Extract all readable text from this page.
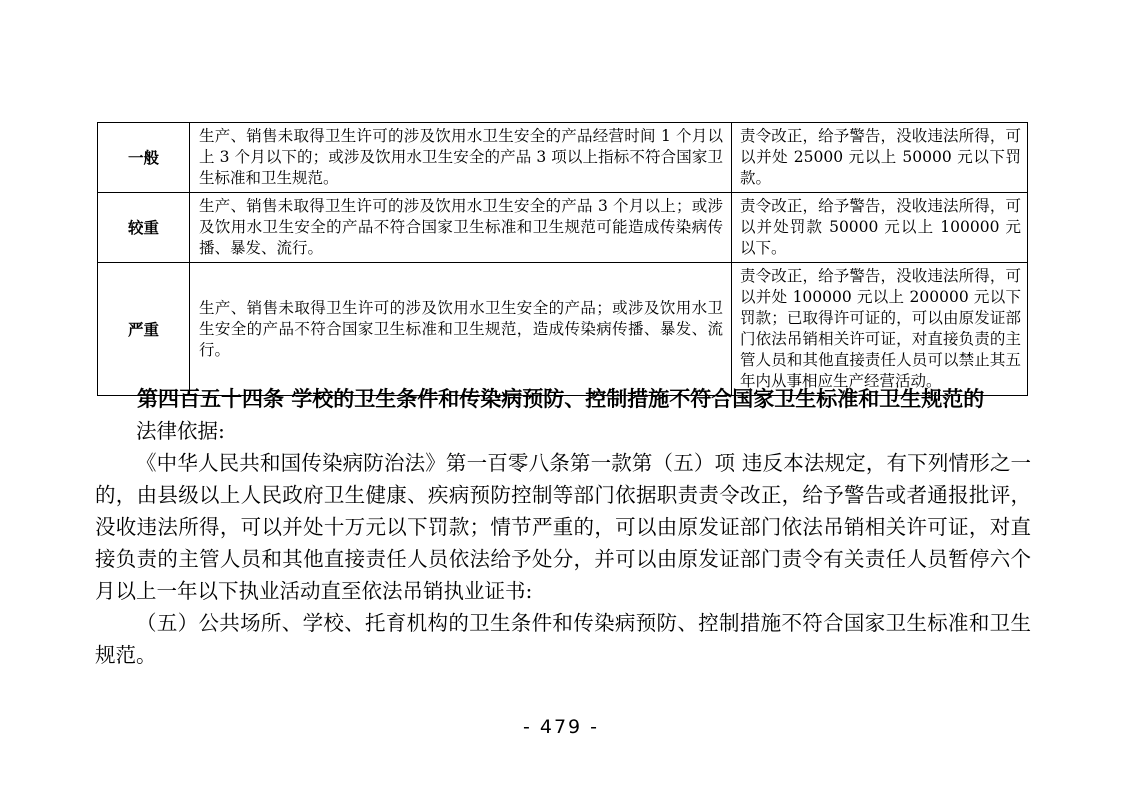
一般	生产、销售未取得卫生许可的涉及饮用水卫生安全的产品经营时间 1 个月以上 3 个月以下的；或涉及饮用水卫生安全的产品 3 项以上指标不符合国家卫生标准和卫生规范。	责令改正，给予警告，没收违法所得，可以并处 25000 元以上 50000 元以下罚款。
较重	生产、销售未取得卫生许可的涉及饮用水卫生安全的产品 3 个月以上；或涉及饮用水卫生安全的产品不符合国家卫生标准和卫生规范可能造成传染病传播、暴发、流行。	责令改正，给予警告，没收违法所得，可以并处罚款 50000 元以上 100000 元以下。
严重	生产、销售未取得卫生许可的涉及饮用水卫生安全的产品；或涉及饮用水卫生安全的产品不符合国家卫生标准和卫生规范，造成传染病传播、暴发、流行。	责令改正，给予警告，没收违法所得，可以并处 100000 元以上 200000 元以下罚款；已取得许可证的，可以由原发证部门依法吊销相关许可证，对直接负责的主管人员和其他直接责任人员可以禁止其五年内从事相应生产经营活动。

第四百五十四条 学校的卫生条件和传染病预防、控制措施不符合国家卫生标准和卫生规范的

法律依据:

《中华人民共和国传染病防治法》第一百零八条第一款第（五）项 违反本法规定，有下列情形之一的，由县级以上人民政府卫生健康、疾病预防控制等部门依据职责责令改正，给予警告或者通报批评，没收违法所得，可以并处十万元以下罚款；情节严重的，可以由原发证部门依法吊销相关许可证，对直接负责的主管人员和其他直接责任人员依法给予处分，并可以由原发证部门责令有关责任人员暂停六个月以上一年以下执业活动直至依法吊销执业证书:

（五）公共场所、学校、托育机构的卫生条件和传染病预防、控制措施不符合国家卫生标准和卫生规范。

- 479 -
